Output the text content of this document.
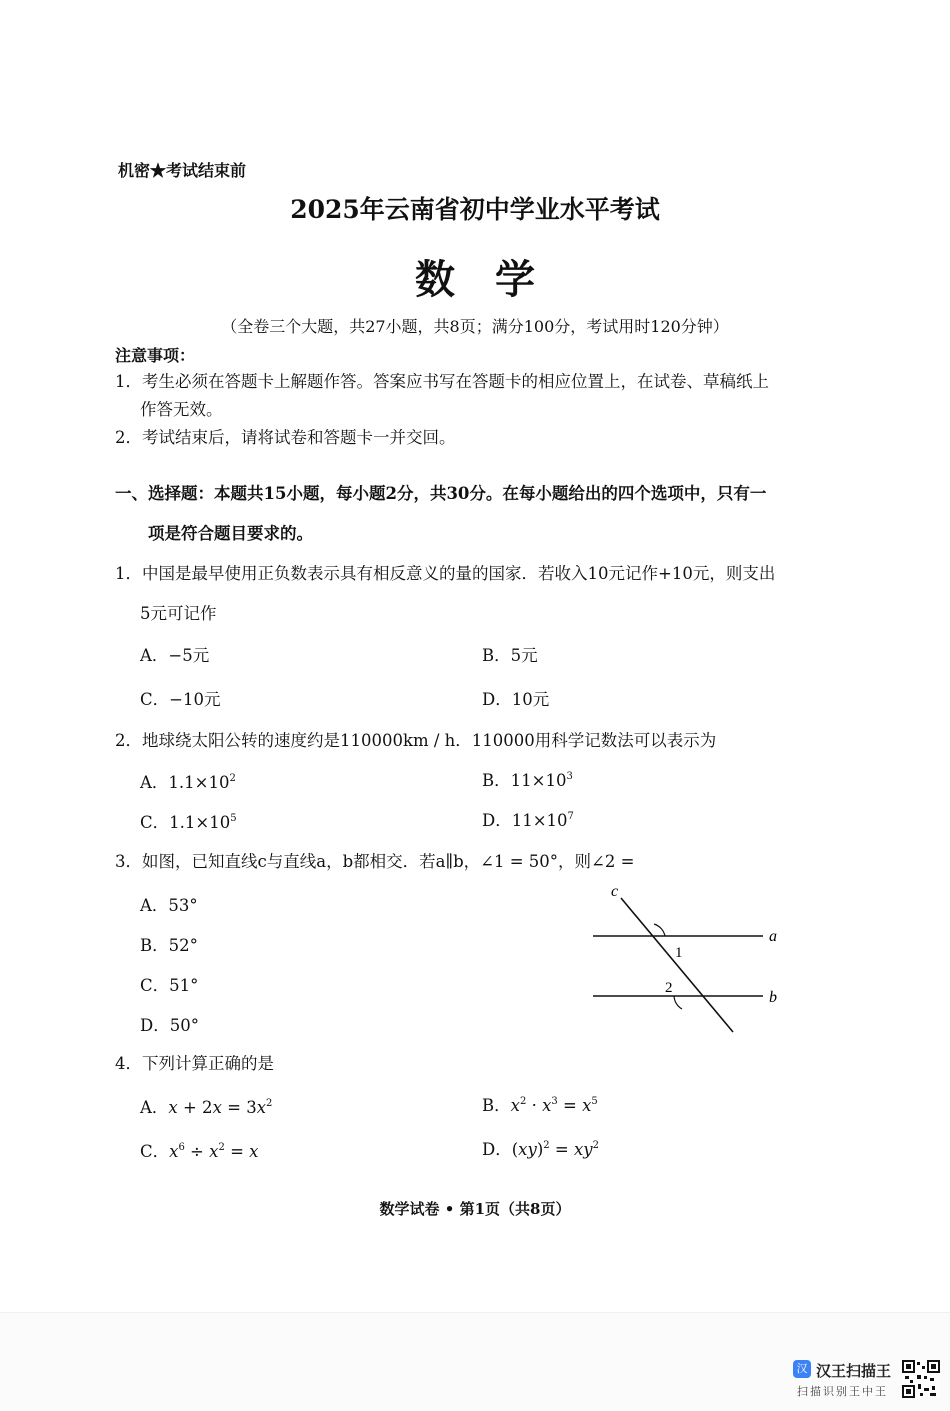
机密★考试结束前
2025年云南省初中学业水平考试
数学
（全卷三个大题，共27小题，共8页；满分100分，考试用时120分钟）
注意事项：
1．考生必须在答题卡上解题作答。答案应书写在答题卡的相应位置上，在试卷、草稿纸上
作答无效。
2．考试结束后，请将试卷和答题卡一并交回。
一、选择题：本题共15小题，每小题2分，共30分。在每小题给出的四个选项中，只有一
项是符合题目要求的。
1．中国是最早使用正负数表示具有相反意义的量的国家．若收入10元记作+10元，则支出
5元可记作
A．−5元	B．5元
C．−10元	D．10元
2．地球绕太阳公转的速度约是110000km / h．110000用科学记数法可以表示为
A．$1.1\times 10^2$	B．$11\times 10^3$
C．$1.1\times 10^5$	D．$11\times 10^7$
3．如图，已知直线c与直线a，b都相交．若a∥b，∠1 = 50°，则∠2 =
A．53°
B．52°
C．51°
D．50°
c
a
b
1
2
4．下列计算正确的是
A．$x + 2x = 3x^2$	B．$x^2 \cdot x^3 = x^5$
C．$x^6 \div x^2 = x$	D．$(xy)^2 = xy^2$
数学试卷 • 第1页（共8页）
汉 汉王扫描王
扫描识别王中王
